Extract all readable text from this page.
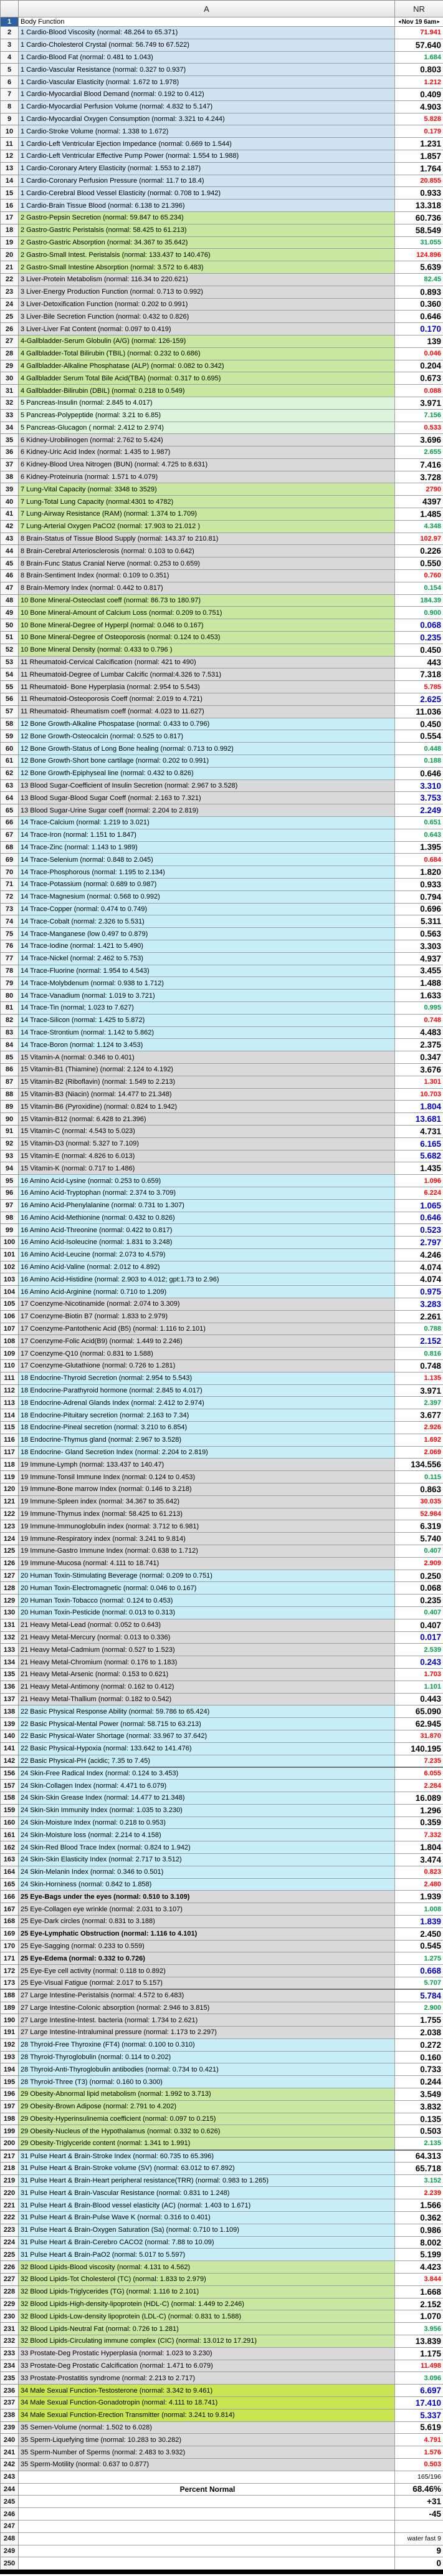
	A	NR
1	Body Function	◄Nov 19 6am►
2	1 Cardio-Blood Viscosity (normal: 48.264 to 65.371)	71.941
3	1 Cardio-Cholesterol Crystal (normal: 56.749 to 67.522)	57.640
4	1 Cardio-Blood Fat (normal: 0.481 to 1.043)	1.684
5	1 Cardio-Vascular Resistance (normal: 0.327 to 0.937)	0.803
6	1 Cardio-Vascular Elasticity (normal: 1.672 to 1.978)	1.212
7	1 Cardio-Myocardial Blood Demand (normal: 0.192 to 0.412)	0.409
8	1 Cardio-Myocardial Perfusion Volume (normal: 4.832 to 5.147)	4.903
9	1 Cardio-Myocardial Oxygen Consumption (normal: 3.321 to 4.244)	5.828
10	1 Cardio-Stroke Volume (normal: 1.338 to 1.672)	0.179
11	1 Cardio-Left Ventricular Ejection Impedance (normal: 0.669 to 1.544)	1.231
12	1 Cardio-Left Ventricular Effective Pump Power (normal: 1.554 to 1.988)	1.857
13	1 Cardio-Coronary Artery Elasticity (normal: 1.553 to 2.187)	1.764
14	1 Cardio-Coronary Perfusion Pressure (normal: 11.7 to 18.4)	20.855
15	1 Cardio-Cerebral Blood Vessel Elasticity (normal: 0.708 to 1.942)	0.933
16	1 Cardio-Brain Tissue Blood (normal: 6.138 to 21.396)	13.318
17	2 Gastro-Pepsin Secretion (normal: 59.847 to 65.234)	60.736
18	2 Gastro-Gastric Peristalsis (normal: 58.425 to 61.213)	58.549
19	2 Gastro-Gastric Absorption (normal: 34.367 to 35.642)	31.055
20	2 Gastro-Small Intest. Peristalsis (normal: 133.437 to 140.476)	124.896
21	2 Gastro-Small Intestine Absorption (normal: 3.572 to 6.483)	5.639
22	3 Liver-Protein Metabolism (normal: 116.34 to 220.621)	82.45
23	3 Liver-Energy Production Function (normal: 0.713 to 0.992)	0.893
24	3 Liver-Detoxification Function (normal: 0.202 to 0.991)	0.360
25	3 Liver-Bile Secretion Function (normal: 0.432 to 0.826)	0.646
26	3 Liver-Liver Fat Content (normal: 0.097 to 0.419)	0.170
27	4-Gallbladder-Serum Globulin (A/G) (normal: 126-159)	139
28	4 Gallbladder-Total Bilirubin (TBIL) (normal: 0.232 to 0.686)	0.046
29	4 Gallbladder-Alkaline Phosphatase (ALP) (normal: 0.082 to 0.342)	0.204
30	4 Gallbladder Serum Total Bile Acid(TBA) (normal: 0.317 to 0.695)	0.673
31	4 Gallbladder-Bilirubin (DBIL) (normal: 0.218 to 0.549)	0.088
32	5 Pancreas-Insulin (normal: 2.845 to 4.017)	3.971
33	5 Pancreas-Polypeptide (normal: 3.21 to 6.85)	7.156
34	5 Pancreas-Glucagon ( normal: 2.412 to 2.974)	0.533
35	6 Kidney-Urobilinogen (normal: 2.762 to 5.424)	3.696
36	6 Kidney-Uric Acid Index (normal: 1.435 to 1.987)	2.655
37	6 Kidney-Blood Urea Nitrogen (BUN) (normal: 4.725 to 8.631)	7.416
38	6 Kidney-Proteinuria (normal: 1.571 to 4.079)	3.728
39	7 Lung-Vital Capacity (normal: 3348 to 3529)	2790
40	7 Lung-Total Lung Capacity (normal:4301 to 4782)	4397
41	7 Lung-Airway Resistance (RAM) (normal: 1.374 to 1.709)	1.485
42	7 Lung-Arterial Oxygen PaCO2 (normal: 17.903 to 21.012 )	4.348
43	8 Brain-Status of Tissue Blood Supply (normal: 143.37 to 210.81)	102.97
44	8 Brain-Cerebral Arteriosclerosis (normal: 0.103 to 0.642)	0.226
45	8 Brain-Func Status Cranial Nerve (normal: 0.253 to 0.659)	0.550
46	8 Brain-Sentiment Index (normal: 0.109 to 0.351)	0.760
47	8 Brain-Memory Index (normal: 0.442 to 0.817)	0.154
48	10 Bone Mineral-Osteoclast coeff (normal: 86.73 to 180.97)	184.39
49	10 Bone Mineral-Amount of Calcium Loss (normal: 0.209 to 0.751)	0.900
50	10 Bone Mineral-Degree of Hyperpl (normal: 0.046 to 0.167)	0.068
51	10 Bone Mineral-Degree of Osteoporosis (normal: 0.124 to 0.453)	0.235
52	10 Bone Mineral Density (normal: 0.433 to 0.796 )	0.450
53	11 Rheumatoid-Cervical Calcification (normal: 421 to 490)	443
54	11 Rheumatoid-Degree of Lumbar Calcific (normal:4.326 to 7.531)	7.318
55	11 Rheumatoid- Bone Hyperplasia (normal: 2.954 to 5.543)	5.785
56	11 Rheumatoid-Osteoporosis Coeff (normal: 2.019 to 4.721)	2.625
57	11 Rheumatoid- Rheumatism coeff (normal: 4.023 to 11.627)	11.036
58	12 Bone Growth-Alkaline Phospatase (normal: 0.433 to 0.796)	0.450
59	12 Bone Growth-Osteocalcin (normal: 0.525 to 0.817)	0.554
60	12 Bone Growth-Status of Long Bone healing (normal: 0.713 to 0.992)	0.448
61	12 Bone Growth-Short bone cartilage (normal: 0.202 to 0.991)	0.188
62	12 Bone Growth-Epiphyseal line (normal: 0.432 to 0.826)	0.646
63	13 Blood Sugar-Coefficient of Insulin Secretion (normal: 2.967 to 3.528)	3.310
64	13 Blood Sugar-Blood Sugar Coeff (normal: 2.163 to 7.321)	3.753
65	13 Blood Sugar-Urine Sugar coeff (normal: 2.204 to 2.819)	2.249
66	14 Trace-Calcium (normal: 1.219 to 3.021)	0.651
67	14 Trace-Iron (normal: 1.151 to 1.847)	0.643
68	14 Trace-Zinc (normal: 1.143 to 1.989)	1.395
69	14 Trace-Selenium (normal: 0.848 to 2.045)	0.684
70	14 Trace-Phosphorous (normal: 1.195 to 2.134)	1.820
71	14 Trace-Potassium (normal: 0.689 to 0.987)	0.933
72	14 Trace-Magnesium (normal: 0.568 to 0.992)	0.794
73	14 Trace-Copper (normal: 0.474 to 0.749)	0.696
74	14 Trace-Cobalt (normal: 2.326 to 5.531)	5.311
75	14 Trace-Manganese (low 0.497 to 0.879)	0.563
76	14 Trace-Iodine (normal: 1.421 to 5.490)	3.303
77	14 Trace-Nickel (normal: 2.462 to 5.753)	4.937
78	14 Trace-Fluorine (normal: 1.954 to 4.543)	3.455
79	14 Trace-Molybdenum (normal: 0.938 to 1.712)	1.488
80	14 Trace-Vanadium (normal: 1.019 to 3.721)	1.633
81	14 Trace-Tin (normal; 1.023 to 7.627)	0.995
82	14 Trace-Silicon (normal: 1.425 to 5.872)	0.748
83	14 Trace-Strontium (normal: 1.142 to 5.862)	4.483
84	14 Trace-Boron (normal: 1.124 to 3.453)	2.375
85	15 Vitamin-A (normal: 0.346 to 0.401)	0.347
86	15 Vitamin-B1 (Thiamine) (normal: 2.124 to 4.192)	3.676
87	15 Vitamin-B2 (Riboflavin) (normal: 1.549 to 2.213)	1.301
88	15 Vitamin-B3 (Niacin) (normal: 14.477 to 21.348)	10.703
89	15 Vitamin-B6 (Pyroxidine) (normal: 0.824 to 1.942)	1.804
90	15 Vitamin-B12 (normal: 6.428 to 21.396)	13.681
91	15 Vitamin-C (normal: 4.543 to 5.023)	4.731
92	15 Vitamin-D3 (normal: 5.327 to 7.109)	6.165
93	15 Vitamin-E (normal: 4.826 to 6.013)	5.682
94	15 Vitamin-K (normal: 0.717 to 1.486)	1.435
95	16 Amino Acid-Lysine (normal: 0.253 to 0.659)	1.096
96	16 Amino Acid-Tryptophan (normal: 2.374 to 3.709)	6.224
97	16 Amino Acid-Phenylalanine (normal: 0.731 to 1.307)	1.065
98	16 Amino Acid-Methionine (normal: 0.432 to 0.826)	0.646
99	16 Amino Acid-Threonine (normal: 0.422 to 0.817)	0.523
100	16 Amino Acid-Isoleucine (normal: 1.831 to 3.248)	2.797
101	16 Amino Acid-Leucine (normal: 2.073 to 4.579)	4.246
102	16 Amino Acid-Valine (normal: 2.012 to 4.892)	4.074
103	16 Amino Acid-Histidine (normal: 2.903 to 4.012; gpt:1.73 to 2.96)	4.074
104	16 Amino Acid-Arginine (normal: 0.710 to 1.209)	0.975
105	17 Coenzyme-Nicotinamide (normal: 2.074 to 3.309)	3.283
106	17 Coenzyme-Biotin B7 (normal: 1.833 to 2.979)	2.261
107	17 Coenzyme-Pantothenic Acid (B5) (normal: 1.116 to 2.101)	0.788
108	17 Coenzyme-Folic Acid(B9) (normal: 1.449 to 2.246)	2.152
109	17 Coenzyme-Q10 (normal: 0.831 to 1.588)	0.816
110	17 Coenzyme-Glutathione (normal: 0.726 to 1.281)	0.748
111	18 Endocrine-Thyroid Secretion (normal: 2.954 to 5.543)	1.135
112	18 Endocrine-Parathyroid hormone (normal: 2.845 to 4.017)	3.971
113	18 Endocrine-Adrenal Glands Index (normal: 2.412 to 2.974)	2.397
114	18 Endocrine-Pituitary secretion (normal: 2.163 to 7.34)	3.677
115	18 Endocrine-Pineal secretion (normal: 3.210 to 6.854)	2.926
116	18 Endocrine-Thymus gland (normal: 2.967 to 3.528)	1.692
117	18 Endocrine- Gland Secretion Index (normal: 2.204 to 2.819)	2.069
118	19 Immune-Lymph (normal: 133.437 to 140.47)	134.556
119	19 Immune-Tonsil Immune Index (normal: 0.124 to 0.453)	0.115
120	19 Immune-Bone marrow Index (normal: 0.146 to 3.218)	0.863
121	19 Immune-Spleen index (normal: 34.367 to 35.642)	30.035
122	19 Immune-Thymus index (normal: 58.425 to 61.213)	52.984
123	19 Immune-Immunoglobulin index (normal: 3.712 to 6.981)	6.319
124	19 Immune-Respiratory index (normal: 3.241 to 9.814)	5.740
125	19 Immune-Gastro Immune Index (normal: 0.638 to 1.712)	0.407
126	19 Immune-Mucosa (normal: 4.111 to 18.741)	2.909
127	20 Human Toxin-Stimulating Beverage (normal: 0.209 to 0.751)	0.250
128	20 Human Toxin-Electromagnetic (normal: 0.046 to 0.167)	0.068
129	20 Human Toxin-Tobacco (normal: 0.124 to 0.453)	0.235
130	20 Human Toxin-Pesticide (normal: 0.013 to 0.313)	0.407
131	21 Heavy Metal-Lead (normal: 0.052 to 0.643)	0.407
132	21 Heavy Metal-Mercury (normal: 0.013 to 0.336)	0.017
133	21 Heavy Metal-Cadmium (normal: 0.527 to 1.523)	2.539
134	21 Heavy Metal-Chromium (normal: 0.176 to 1.183)	0.243
135	21 Heavy Metal-Arsenic (normal: 0.153 to 0.621)	1.703
136	21 Heavy Metal-Antimony (normal: 0.162 to 0.412)	1.101
137	21 Heavy Metal-Thallium (normal: 0.182 to 0.542)	0.443
138	22 Basic Physical Response Ability (normal: 59.786 to 65.424)	65.090
139	22 Basic Physical-Mental Power (normal: 58.715 to 63.213)	62.945
140	22 Basic Physical-Water Shortage (normal: 33.967 to 37.642)	31.870
141	22 Basic Physical-Hypoxia (normal: 133.642 to 141.476)	140.195
142	22 Basic Physical-PH (acidic; 7.35 to 7.45)	7.235
156	24 Skin-Free Radical Index (normal: 0.124 to 3.453)	6.055
157	24 Skin-Collagen Index (normal: 4.471 to 6.079)	2.284
158	24 Skin-Skin Grease Index (normal: 14.477 to 21.348)	16.089
159	24 Skin-Skin Immunity Index (normal: 1.035 to 3.230)	1.296
160	24 Skin-Moisture Index (normal: 0.218 to 0.953)	0.359
161	24 Skin-Moisture loss (normal: 2.214 to 4.158)	7.332
162	24 Skin-Red Blood Trace Index (normal: 0.824 to 1.942)	1.804
163	24 Skin-Skin Elasticity Index (normal: 2.717 to 3.512)	3.474
164	24 Skin-Melanin Index (normal: 0.346 to 0.501)	0.823
165	24 Skin-Horniness (normal: 0.842 to 1.858)	2.480
166	25 Eye-Bags under the eyes (normal: 0.510 to 3.109)	1.939
167	25 Eye-Collagen eye wrinkle (normal: 2.031 to 3.107)	1.008
168	25 Eye-Dark circles (normal: 0.831 to 3.188)	1.839
169	25 Eye-Lymphatic Obstruction (normal: 1.116 to 4.101)	2.450
170	25 Eye-Sagging (normal: 0.233 to 0.559)	0.545
171	25 Eye-Edema (normal: 0.332 to 0.726)	1.275
172	25 Eye-Eye cell activity (normal: 0.118 to 0.892)	0.668
173	25 Eye-Visual Fatigue (normal: 2.017 to 5.157)	5.707
188	27 Large Intestine-Peristalsis (normal: 4.572 to 6.483)	5.784
189	27 Large Intestine-Colonic absorption (normal: 2.946 to 3.815)	2.900
190	27 Large Intestine-Intest. bacteria (normal: 1.734 to 2.621)	1.755
191	27 Large Intestine-Intraluminal pressure (normal: 1.173 to 2.297)	2.038
192	28 Thyroid-Free Thyroxine (FT4) (normal: 0.100 to 0.310)	0.272
193	28 Thyroid-Thyroglobulin (normal: 0.114 to 0.202)	0.160
194	28 Thyroid-Anti-Thyroglobulin antibodies (normal: 0.734 to 0.421)	0.733
195	28 Thyroid-Three (T3) (normal: 0.160 to 0.300)	0.244
196	29 Obesity-Abnormal lipid metabolism (normal: 1.992 to 3.713)	3.549
197	29 Obesity-Brown Adipose (normal: 2.791 to 4.202)	3.832
198	29 Obesity-Hyperinsulinemia coefficient (normal: 0.097 to 0.215)	0.135
199	29 Obesity-Nucleus of the Hypothalamus (normal: 0.332 to 0.626)	0.503
200	29 Obesity-Triglyceride content (normal: 1.341 to 1.991)	2.135
217	31 Pulse Heart & Brain-Stroke Index (normal: 60.735 to 65.396)	64.313
218	31 Pulse Heart & Brain-Stroke volume (SV) (normal: 63.012 to 67.892)	65.718
219	31 Pulse Heart & Brain-Heart peripheral resistance(TRR) (normal: 0.983 to 1.265)	3.152
220	31 Pulse Heart & Brain-Vascular Resistance (normal: 0.831 to 1.248)	2.239
221	31 Pulse Heart & Brain-Blood vessel elasticity (AC) (normal: 1.403 to 1.671)	1.566
222	31 Pulse Heart & Brain-Pulse Wave K (normal: 0.316 to 0.401)	0.362
223	31 Pulse Heart & Brain-Oxygen Saturation (Sa) (normal: 0.710 to 1.109)	0.986
224	31 Pulse Heart & Brain-Cerebro CACO2 (normal: 7.88 to 10.09)	8.002
225	31 Pulse Heart & Brain-PaO2 (normal: 5.017 to 5.597)	5.199
226	32 Blood Lipids-Blood viscosity (normal: 4.131 to 4.562)	4.423
227	32 Blood Lipids-Tot Cholesterol (TC) (normal: 1.833 to 2.979)	3.844
228	32 Blood Lipids-Triglycerides (TG) (normal: 1.116 to 2.101)	1.668
229	32 Blood Lipids-High-density-lipoprotein (HDL-C) (normal: 1.449 to 2.246)	2.152
230	32 Blood Lipids-Low-density lipoprotein (LDL-C) (normal: 0.831 to 1.588)	1.070
231	32 Blood Lipids-Neutral Fat (normal: 0.726 to 1.281)	3.956
232	32 Blood Lipids-Circulating immune complex (CIC) (normal: 13.012 to 17.291)	13.839
233	33 Prostate-Deg Prostatic Hyperplasia (normal: 1.023 to 3.230)	1.175
234	33 Prostate-Deg Prostatic Calcification (normal: 1.471 to 6.079)	11.498
235	33 Prostate-Prostatitis syndrome (normal: 2.213 to 2.717)	3.096
236	34 Male Sexual Function-Testosterone (normal: 3.342 to 9.461)	6.697
237	34 Male Sexual Function-Gonadotropin (normal: 4.111 to 18.741)	17.410
238	34 Male Sexual Function-Erection Transmitter (normal: 3.241 to 9.814)	5.337
239	35 Semen-Volume (normal: 1.502 to 6.028)	5.619
240	35 Sperm-Liquefying time (normal: 10.283 to 30.282)	4.791
241	35 Sperm-Number of Sperms (normal: 2.483 to 3.932)	1.576
242	35 Sperm-Motility (normal: 0.637 to 0.877)	0.503
243		165/196
244	Percent Normal	68.46%
245		+31
246		-45
247		
248		water fast 9
249		9
250		0
